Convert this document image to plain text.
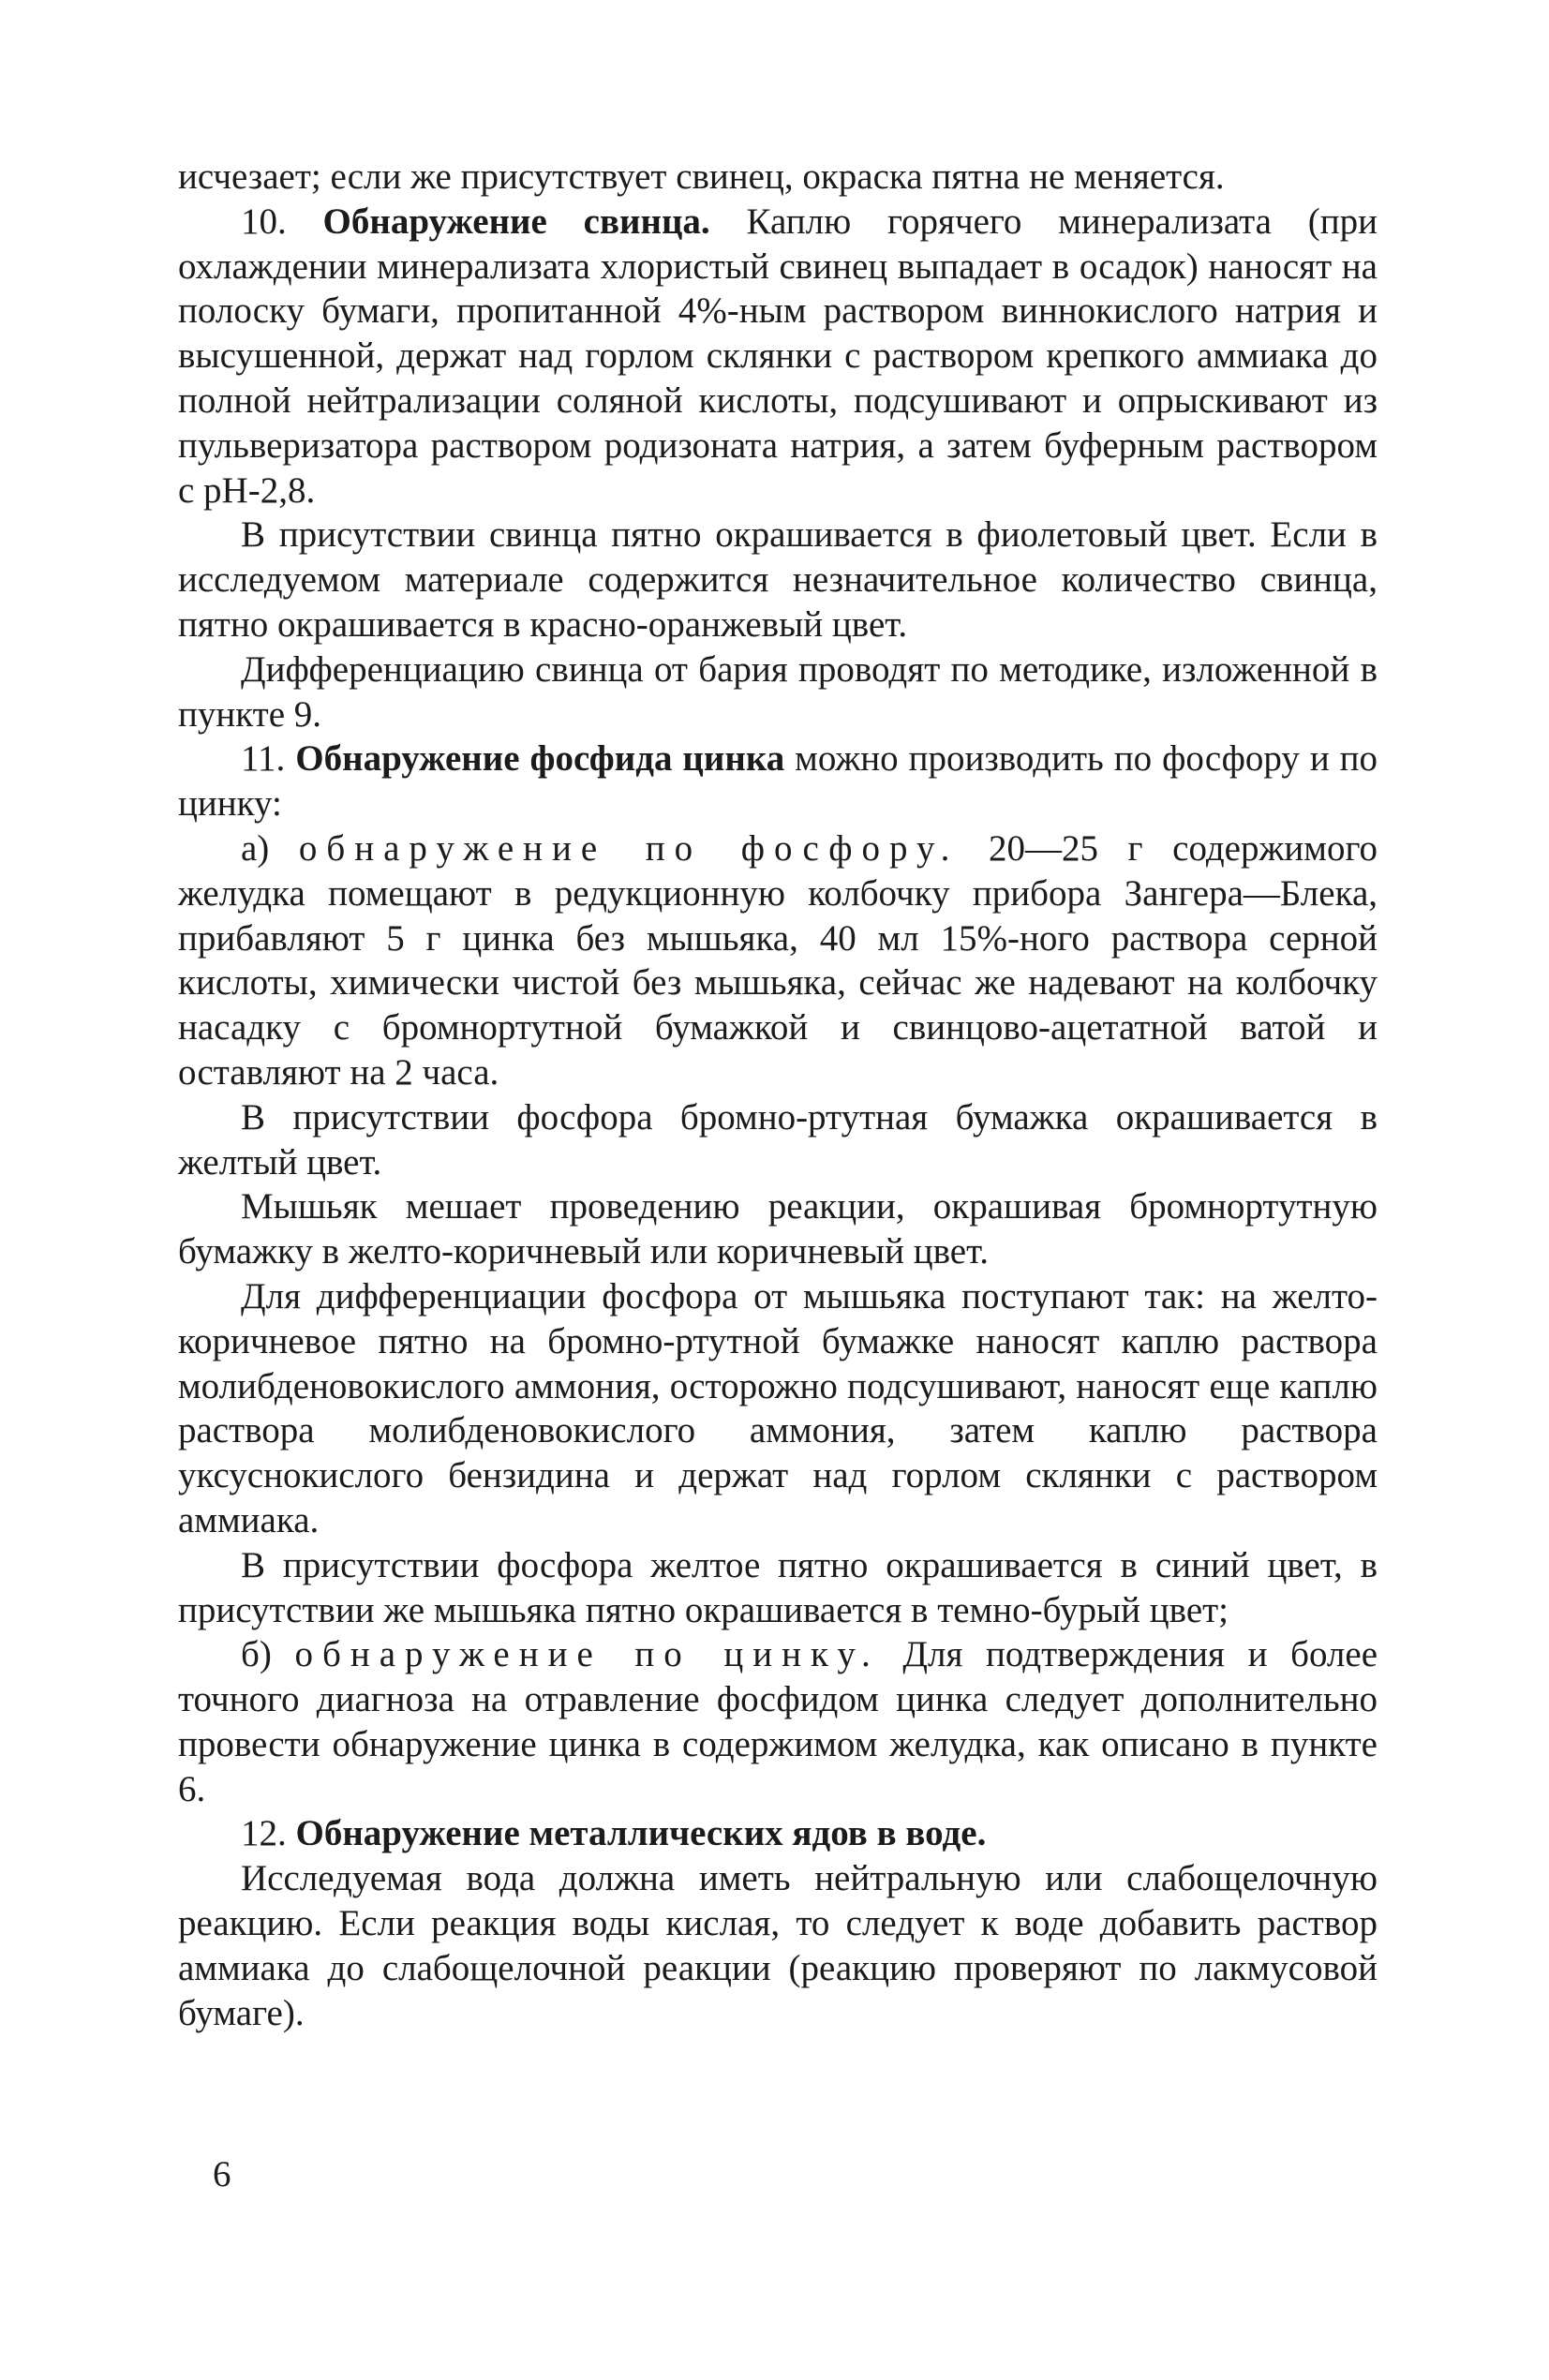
исчезает; если же присутствует свинец, окраска пятна не меняется.

10. Обнаружение свинца. Каплю горячего минерализата (при охлаждении минерализата хлористый свинец выпадает в осадок) наносят на полоску бумаги, пропитанной 4%-ным раствором виннокислого натрия и высушенной, держат над горлом склянки с раствором крепкого аммиака до полной нейтрализации соляной кислоты, подсушивают и опрыскивают из пульверизатора раствором родизоната натрия, а затем буферным раствором с pH-2,8.

В присутствии свинца пятно окрашивается в фиолетовый цвет. Если в исследуемом материале содержится незначительное количество свинца, пятно окрашивается в красно-оранжевый цвет.

Дифференциацию свинца от бария проводят по методике, изложенной в пункте 9.

11. Обнаружение фосфида цинка можно производить по фосфору и по цинку:

а) обнаружение по фосфору. 20—25 г содержимого желудка помещают в редукционную колбочку прибора Зангера—Блека, прибавляют 5 г цинка без мышьяка, 40 мл 15%-ного раствора серной кислоты, химически чистой без мышьяка, сейчас же надевают на колбочку насадку с бромнортутной бумажкой и свинцово-ацетатной ватой и оставляют на 2 часа.

В присутствии фосфора бромно-ртутная бумажка окрашивается в желтый цвет.

Мышьяк мешает проведению реакции, окрашивая бромнортутную бумажку в желто-коричневый или коричневый цвет.

Для дифференциации фосфора от мышьяка поступают так: на желто-коричневое пятно на бромно-ртутной бумажке наносят каплю раствора молибденовокислого аммония, осторожно подсушивают, наносят еще каплю раствора молибденовокислого аммония, затем каплю раствора уксуснокислого бензидина и держат над горлом склянки с раствором аммиака.

В присутствии фосфора желтое пятно окрашивается в синий цвет, в присутствии же мышьяка пятно окрашивается в темно-бурый цвет;

б) обнаружение по цинку. Для подтверждения и более точного диагноза на отравление фосфидом цинка следует дополнительно провести обнаружение цинка в содержимом желудка, как описано в пункте 6.

12. Обнаружение металлических ядов в воде.

Исследуемая вода должна иметь нейтральную или слабощелочную реакцию. Если реакция воды кислая, то следует к воде добавить раствор аммиака до слабощелочной реакции (реакцию проверяют по лакмусовой бумаге).

6
